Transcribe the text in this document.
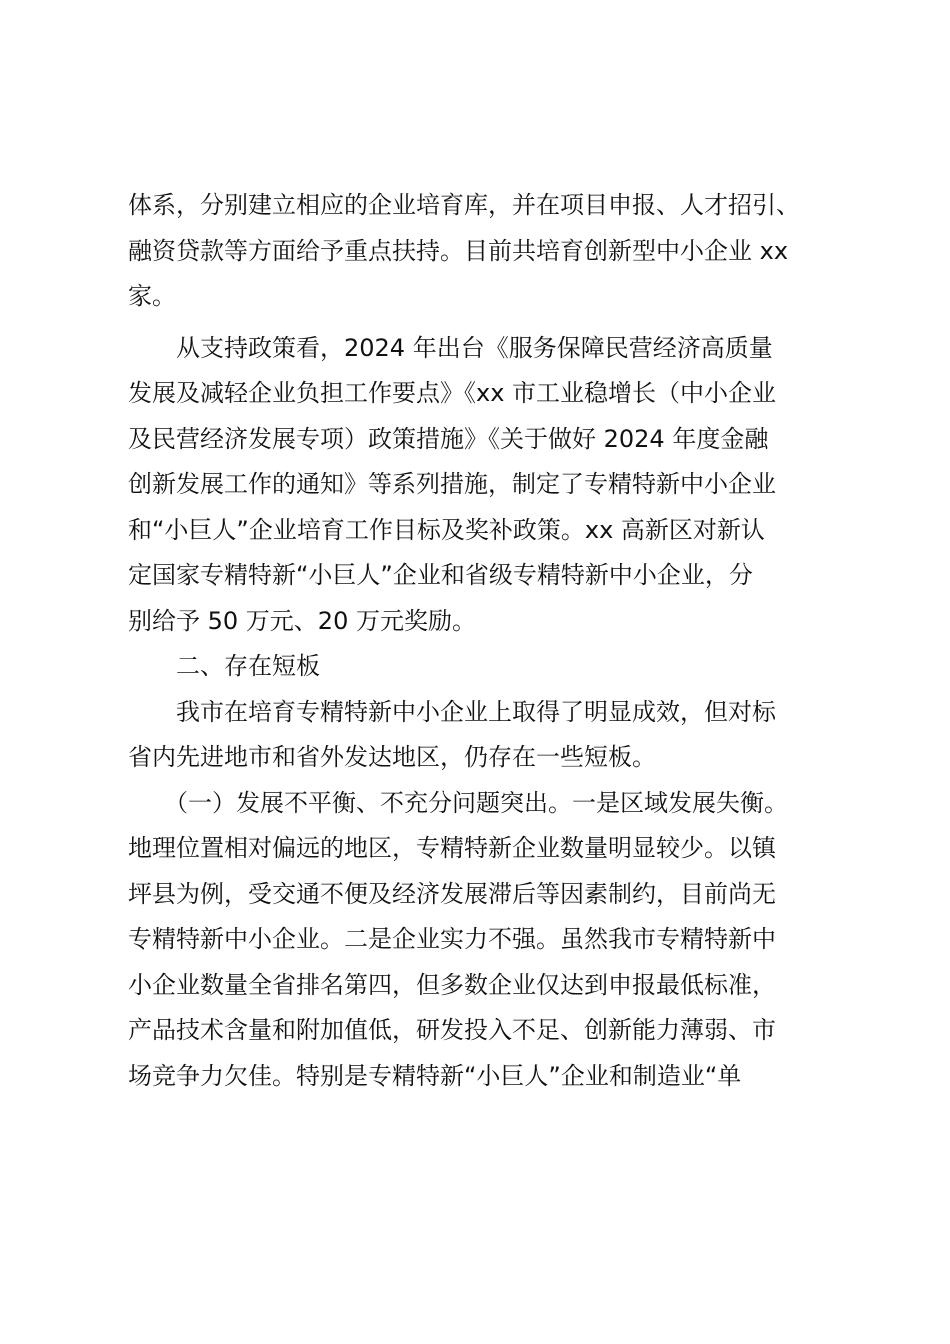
体系，分别建立相应的企业培育库，并在项目申报、人才招引、
融资贷款等方面给予重点扶持。目前共培育创新型中小企业 xx
家。
　　从支持政策看，2024 年出台《服务保障民营经济高质量
发展及减轻企业负担工作要点》《xx 市工业稳增长（中小企业
及民营经济发展专项）政策措施》《关于做好 2024 年度金融
创新发展工作的通知》等系列措施，制定了专精特新中小企业
和“小巨人”企业培育工作目标及奖补政策。xx 高新区对新认
定国家专精特新“小巨人”企业和省级专精特新中小企业，分
别给予 50 万元、20 万元奖励。
　　二、存在短板
　　我市在培育专精特新中小企业上取得了明显成效，但对标
省内先进地市和省外发达地区，仍存在一些短板。
　　（一）发展不平衡、不充分问题突出。一是区域发展失衡。
地理位置相对偏远的地区，专精特新企业数量明显较少。以镇
坪县为例，受交通不便及经济发展滞后等因素制约，目前尚无
专精特新中小企业。二是企业实力不强。虽然我市专精特新中
小企业数量全省排名第四，但多数企业仅达到申报最低标准，
产品技术含量和附加值低，研发投入不足、创新能力薄弱、市
场竞争力欠佳。特别是专精特新“小巨人”企业和制造业“单
